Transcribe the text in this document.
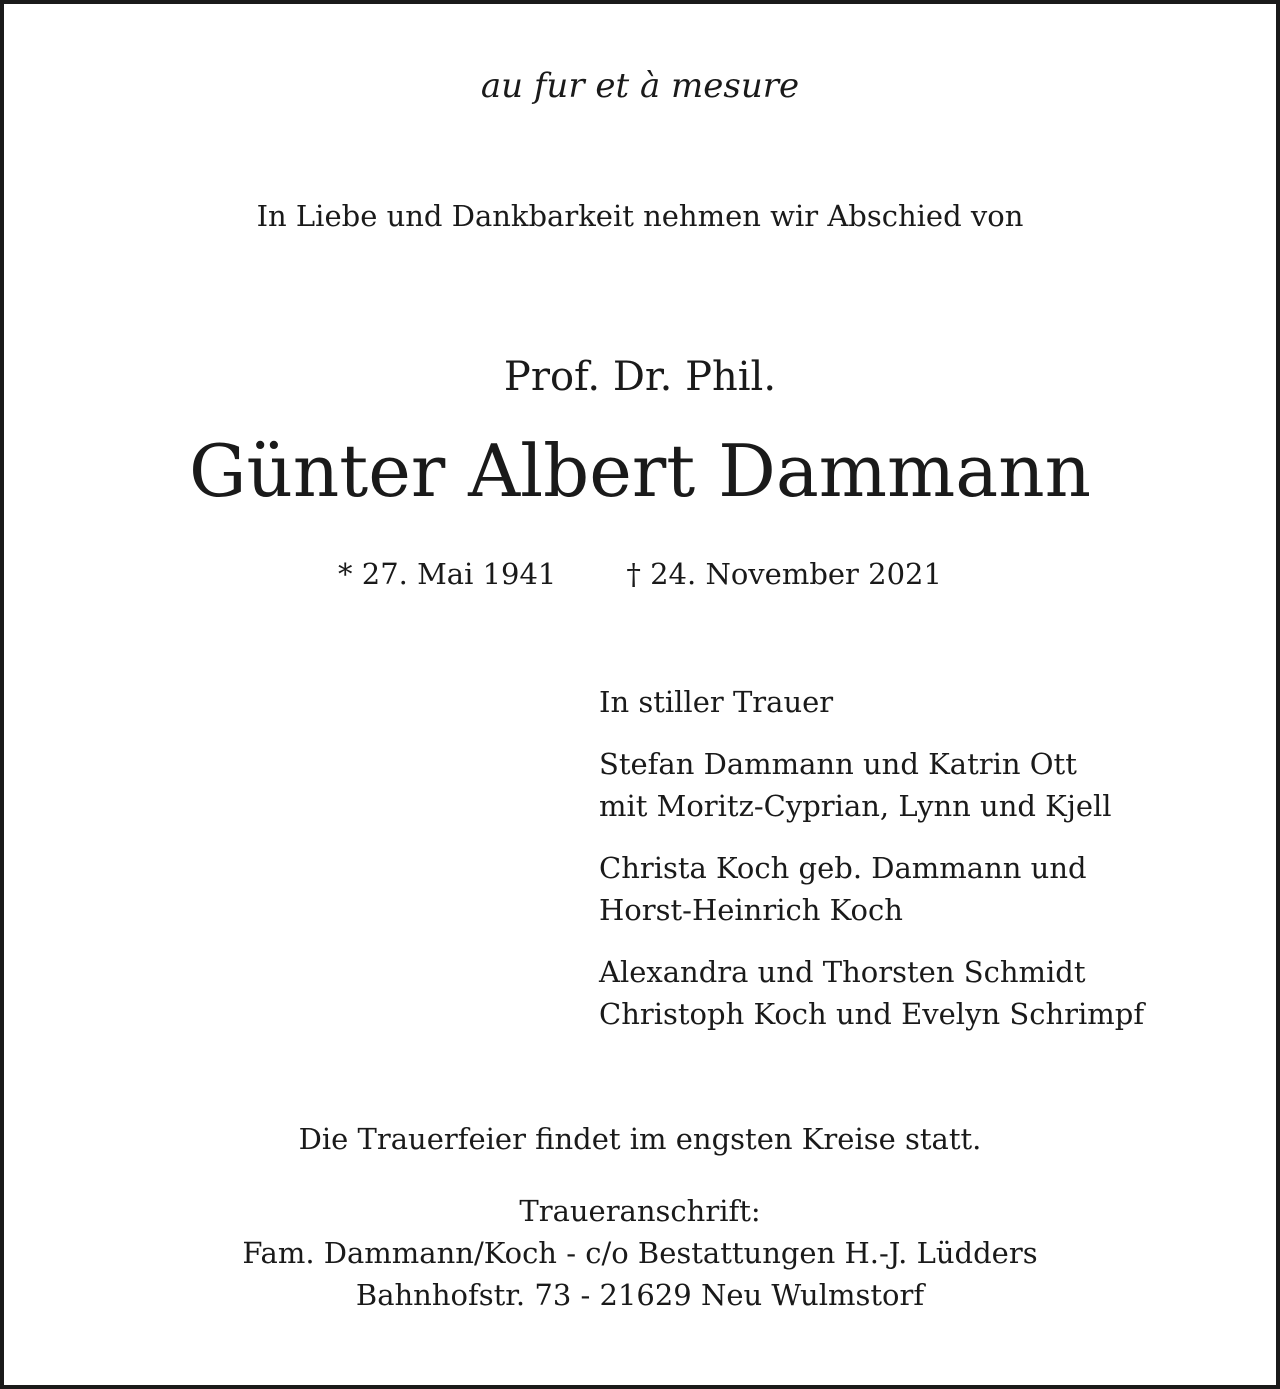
au fur et à mesure
In Liebe und Dankbarkeit nehmen wir Abschied von
Prof. Dr. Phil.
Günter Albert Dammann
* 27. Mai 1941 † 24. November 2021
In stiller Trauer
Stefan Dammann und Katrin Ott
mit Moritz-Cyprian, Lynn und Kjell
Christa Koch geb. Dammann und
Horst-Heinrich Koch
Alexandra und Thorsten Schmidt
Christoph Koch und Evelyn Schrimpf
Die Trauerfeier findet im engsten Kreise statt.
Traueranschrift:
Fam. Dammann/Koch - c/o Bestattungen H.-J. Lüdders
Bahnhofstr. 73 - 21629 Neu Wulmstorf
